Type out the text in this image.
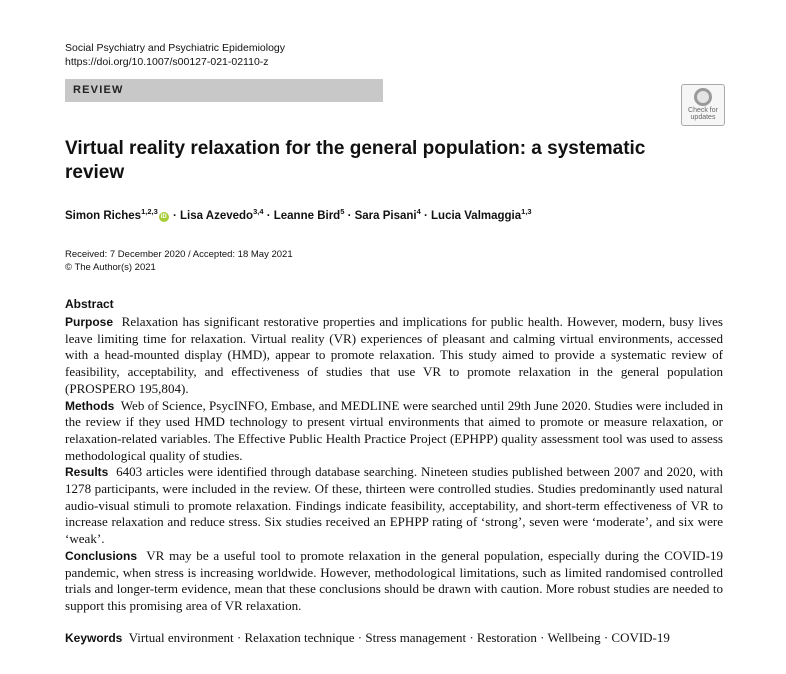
Social Psychiatry and Psychiatric Epidemiology
https://doi.org/10.1007/s00127-021-02110-z
REVIEW
Check for
updates
Virtual reality relaxation for the general population: a systematic review
Simon Riches$^{1,2,3}$iD · Lisa Azevedo$^{3,4}$ · Leanne Bird$^5$ · Sara Pisani$^4$ · Lucia Valmaggia$^{1,3}$
Received: 7 December 2020 / Accepted: 18 May 2021
© The Author(s) 2021
Abstract

Purpose Relaxation has significant restorative properties and implications for public health. However, modern, busy lives leave limiting time for relaxation. Virtual reality (VR) experiences of pleasant and calming virtual environments, accessed with a head-mounted display (HMD), appear to promote relaxation. This study aimed to provide a systematic review of feasibility, acceptability, and effectiveness of studies that use VR to promote relaxation in the general population (PROSPERO 195,804).

Methods Web of Science, PsycINFO, Embase, and MEDLINE were searched until 29th June 2020. Studies were included in the review if they used HMD technology to present virtual environments that aimed to promote or measure relaxation, or relaxation-related variables. The Effective Public Health Practice Project (EPHPP) quality assessment tool was used to assess methodological quality of studies.

Results 6403 articles were identified through database searching. Nineteen studies published between 2007 and 2020, with 1278 participants, were included in the review. Of these, thirteen were controlled studies. Studies predominantly used natural audio-visual stimuli to promote relaxation. Findings indicate feasibility, acceptability, and short-term effectiveness of VR to increase relaxation and reduce stress. Six studies received an EPHPP rating of ‘strong’, seven were ‘moderate’, and six were ‘weak’.

Conclusions VR may be a useful tool to promote relaxation in the general population, especially during the COVID-19 pandemic, when stress is increasing worldwide. However, methodological limitations, such as limited randomised controlled trials and longer-term evidence, mean that these conclusions should be drawn with caution. More robust studies are needed to support this promising area of VR relaxation.

Keywords Virtual environment · Relaxation technique · Stress management · Restoration · Wellbeing · COVID-19
